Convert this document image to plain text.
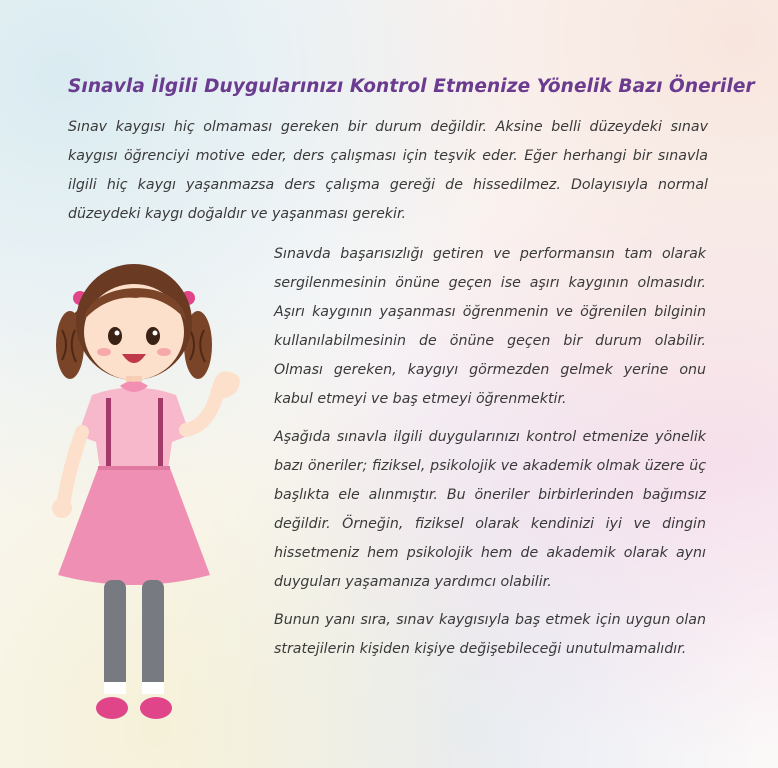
Sınavla İlgili Duygularınızı Kontrol Etmenize Yönelik Bazı Öneriler

Sınav kaygısı hiç olmaması gereken bir durum değildir. Aksine belli düzeydeki sınav kaygısı öğrenciyi motive eder, ders çalışması için teşvik eder. Eğer herhangi bir sınavla ilgili hiç kaygı yaşanmazsa ders çalışma gereği de hissedilmez. Dolayısıyla normal düzeydeki kaygı doğaldır ve yaşanması gerekir.

Sınavda başarısızlığı getiren ve performansın tam olarak sergilenmesinin önüne geçen ise aşırı kaygının olmasıdır. Aşırı kaygının yaşanması öğrenmenin ve öğrenilen bilginin kullanılabilmesinin de önüne geçen bir durum olabilir. Olması gereken, kaygıyı görmezden gelmek yerine onu kabul etmeyi ve baş etmeyi öğrenmektir.

Aşağıda sınavla ilgili duygularınızı kontrol etmenize yönelik bazı öneriler; fiziksel, psikolojik ve akademik olmak üzere üç başlıkta ele alınmıştır. Bu öneriler birbirlerinden bağımsız değildir. Örneğin, fiziksel olarak kendinizi iyi ve dingin hissetmeniz hem psikolojik hem de akademik olarak aynı duyguları yaşamanıza yardımcı olabilir.

Bunun yanı sıra, sınav kaygısıyla baş etmek için uygun olan stratejilerin kişiden kişiye değişebileceği unutulmamalıdır.
